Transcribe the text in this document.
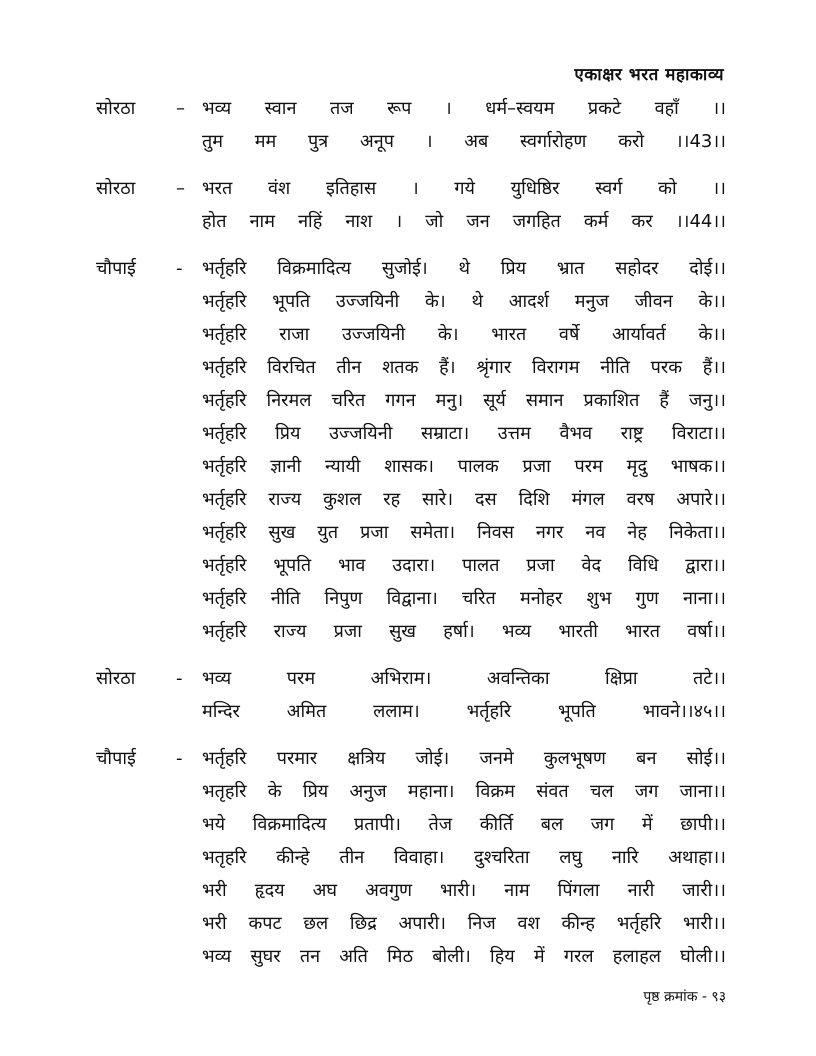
एकाक्षर भरत महाकाव्य
सोरठा	– भव्य स्वान तज रूप । धर्म–स्वयम प्रकटे वहाँ ।।
तुम मम पुत्र अनूप । अब स्वर्गारोहण करो ।।43।।
सोरठा	– भरत वंश इतिहास । गये युधिष्ठिर स्वर्ग को ।।
होत नाम नहिं नाश । जो जन जगहित कर्म कर ।।44।।
चौपाई	-	भर्तृहरि विक्रमादित्य सुजोई। थे प्रिय भ्रात सहोदर दोई।।
भर्तृहरि भूपति उज्जयिनी के। थे आदर्श मनुज जीवन के।।
भर्तृहरि राजा उज्जयिनी के। भारत वर्षे आर्यावर्त के।।
भर्तृहरि विरचित तीन शतक हैं। श्रृंगार विरागम नीति परक हैं।।
भर्तृहरि निरमल चरित गगन मनु। सूर्य समान प्रकाशित हैं जनु।।
भर्तृहरि प्रिय उज्जयिनी सम्राटा। उत्तम वैभव राष्ट्र विराटा।।
भर्तृहरि ज्ञानी न्यायी शासक। पालक प्रजा परम मृदु भाषक।।
भर्तृहरि राज्य कुशल रह सारे। दस दिशि मंगल वरष अपारे।।
भर्तृहरि सुख युत प्रजा समेता। निवस नगर नव नेह निकेता।।
भर्तृहरि भूपति भाव उदारा। पालत प्रजा वेद विधि द्वारा।।
भर्तृहरि नीति निपुण विद्वाना। चरित मनोहर शुभ गुण नाना।।
भर्तृहरि राज्य प्रजा सुख हर्षा। भव्य भारती भारत वर्षा।।
सोरठा	-	भव्य परम अभिराम। अवन्तिका क्षिप्रा तटे।।
मन्दिर अमित ललाम। भर्तृहरि भूपति भावने।।४५।।
चौपाई	-	भर्तृहरि परमार क्षत्रिय जोई। जनमे कुलभूषण बन सोई।।
भतृहरि के प्रिय अनुज महाना। विक्रम संवत चल जग जाना।।
भये विक्रमादित्य प्रतापी। तेज कीर्ति बल जग में छापी।।
भतृहरि कीन्हे तीन विवाहा। दुश्चरिता लघु नारि अथाहा।।
भरी हृदय अघ अवगुण भारी। नाम पिंगला नारी जारी।।
भरी कपट छल छिद्र अपारी। निज वश कीन्ह भर्तृहरि भारी।।
भव्य सुघर तन अति मिठ बोली। हिय में गरल हलाहल घोली।।
पृष्ठ क्रमांक - ९३
